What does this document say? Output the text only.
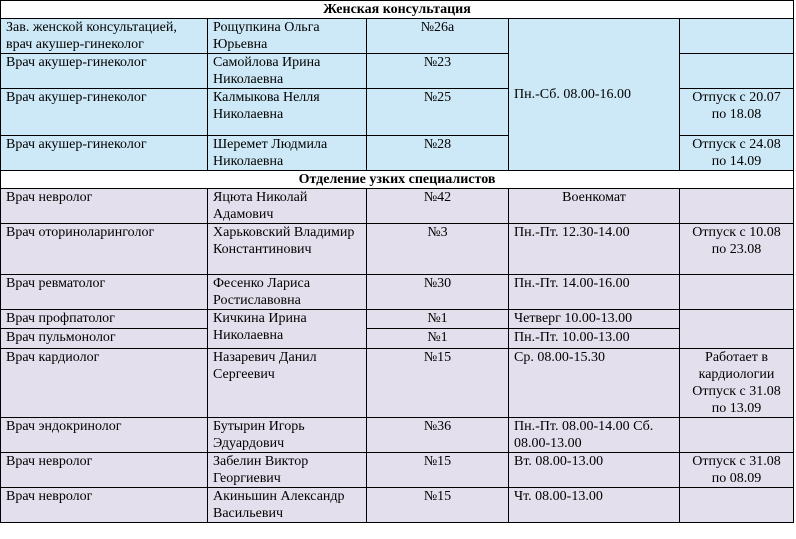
Женская консультация				
Зав. женской консультацией, врач акушер-гинеколог	Рощупкина Ольга Юрьевна	№26а	Пн.-Сб. 08.00-16.00	
Врач акушер-гинеколог	Самойлова Ирина Николаевна	№23		
Врач акушер-гинеколог	Калмыкова Нелля Николаевна	№25		Отпуск с 20.07 по 18.08
Врач акушер-гинеколог	Шеремет Людмила Николаевна	№28		Отпуск с 24.08 по 14.09
Отделение узких специалистов				
Врач невролог	Яцюта Николай Адамович	№42	Военкомат	
Врач оториноларинголог	Харьковский Владимир Константинович	№3	Пн.-Пт. 12.30-14.00	Отпуск с 10.08 по 23.08
Врач ревматолог	Фесенко Лариса Ростиславовна	№30	Пн.-Пт. 14.00-16.00	
Врач профпатолог	Кичкина Ирина Николаевна	№1	Четверг 10.00-13.00	
Врач пульмонолог		№1	Пн.-Пт. 10.00-13.00	
Врач кардиолог	Назаревич Данил Сергеевич	№15	Ср. 08.00-15.30	Работает в кардиологии Отпуск с 31.08 по 13.09
Врач эндокринолог	Бутырин Игорь Эдуардович	№36	Пн.-Пт. 08.00-14.00 Сб. 08.00-13.00	
Врач невролог	Забелин Виктор Георгиевич	№15	Вт. 08.00-13.00	Отпуск с 31.08 по 08.09
Врач невролог	Акиньшин Александр Васильевич	№15	Чт. 08.00-13.00	
